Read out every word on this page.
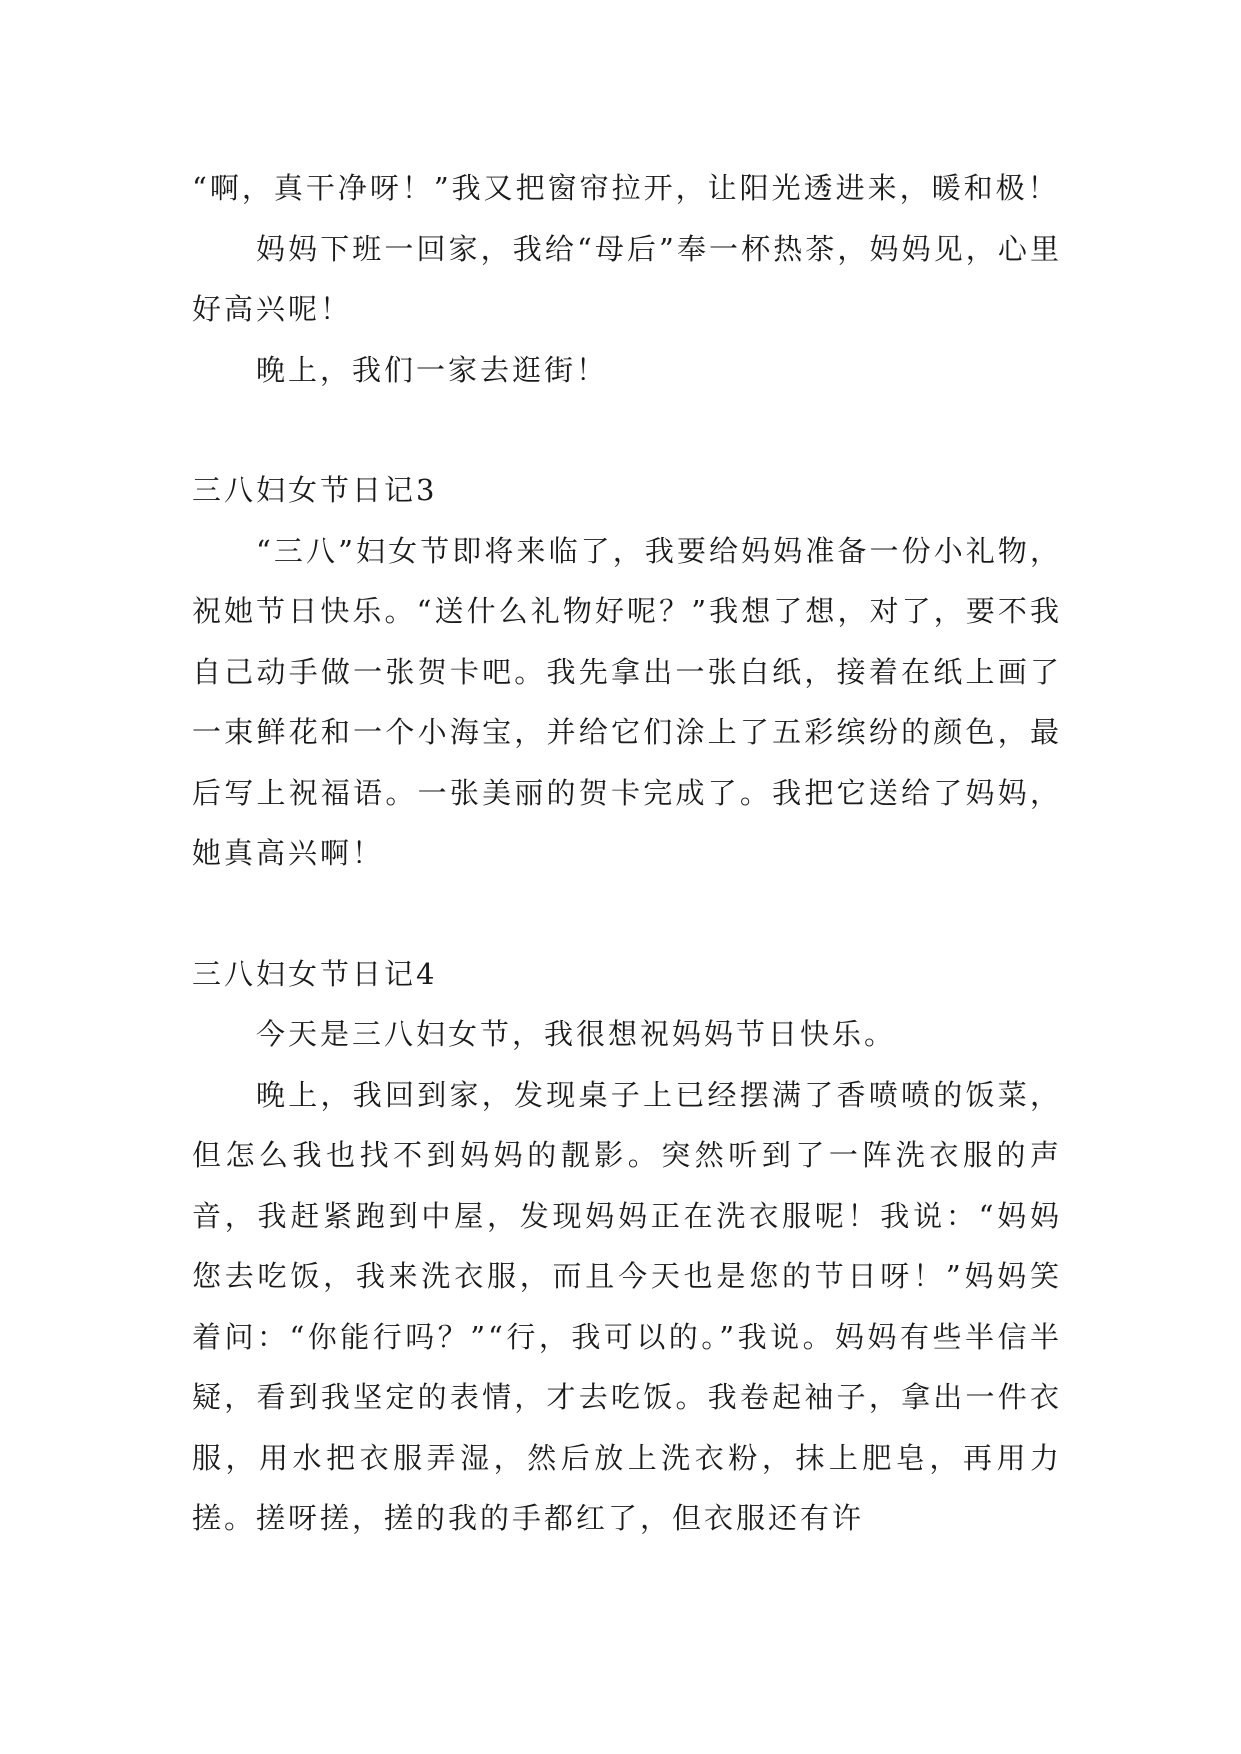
“啊，真干净呀！”我又把窗帘拉开，让阳光透进来，暖和极！

妈妈下班一回家，我给“母后”奉一杯热茶，妈妈见，心里好高兴呢！

晚上，我们一家去逛街！

三八妇女节日记3

“三八”妇女节即将来临了，我要给妈妈准备一份小礼物，祝她节日快乐。“送什么礼物好呢？”我想了想，对了，要不我自己动手做一张贺卡吧。我先拿出一张白纸，接着在纸上画了一束鲜花和一个小海宝，并给它们涂上了五彩缤纷的颜色，最后写上祝福语。一张美丽的贺卡完成了。我把它送给了妈妈，她真高兴啊！

三八妇女节日记4

今天是三八妇女节，我很想祝妈妈节日快乐。

晚上，我回到家，发现桌子上已经摆满了香喷喷的饭菜，但怎么我也找不到妈妈的靓影。突然听到了一阵洗衣服的声音，我赶紧跑到中屋，发现妈妈正在洗衣服呢！我说：“妈妈您去吃饭，我来洗衣服，而且今天也是您的节日呀！”妈妈笑着问：“你能行吗？”“行，我可以的。”我说。妈妈有些半信半疑，看到我坚定的表情，才去吃饭。我卷起袖子，拿出一件衣服，用水把衣服弄湿，然后放上洗衣粉，抹上肥皂，再用力搓。搓呀搓，搓的我的手都红了，但衣服还有许
